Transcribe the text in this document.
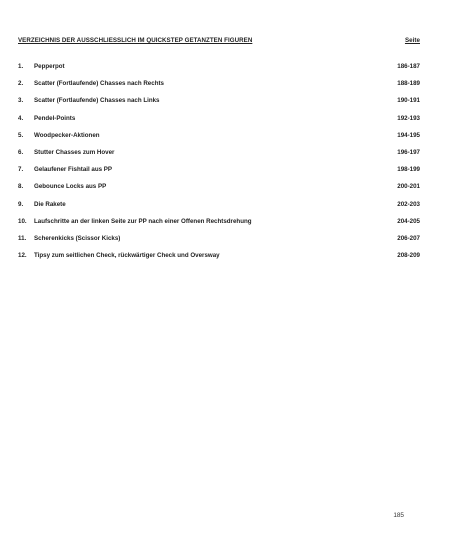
VERZEICHNIS DER AUSSCHLIESSLICH IM QUICKSTEP GETANZTEN FIGUREN	Seite
1.	Pepperpot	186-187
2.	Scatter (Fortlaufende) Chasses nach Rechts	188-189
3.	Scatter (Fortlaufende) Chasses nach Links	190-191
4.	Pendel-Points	192-193
5.	Woodpecker-Aktionen	194-195
6.	Stutter Chasses zum Hover	196-197
7.	Gelaufener Fishtail aus PP	198-199
8.	Gebounce Locks aus PP	200-201
9.	Die Rakete	202-203
10.	Laufschritte an der linken Seite zur PP nach einer Offenen Rechtsdrehung	204-205
11.	Scherenkicks (Scissor Kicks)	206-207
12.	Tipsy zum seitlichen Check, rückwärtiger Check und Oversway	208-209
185
